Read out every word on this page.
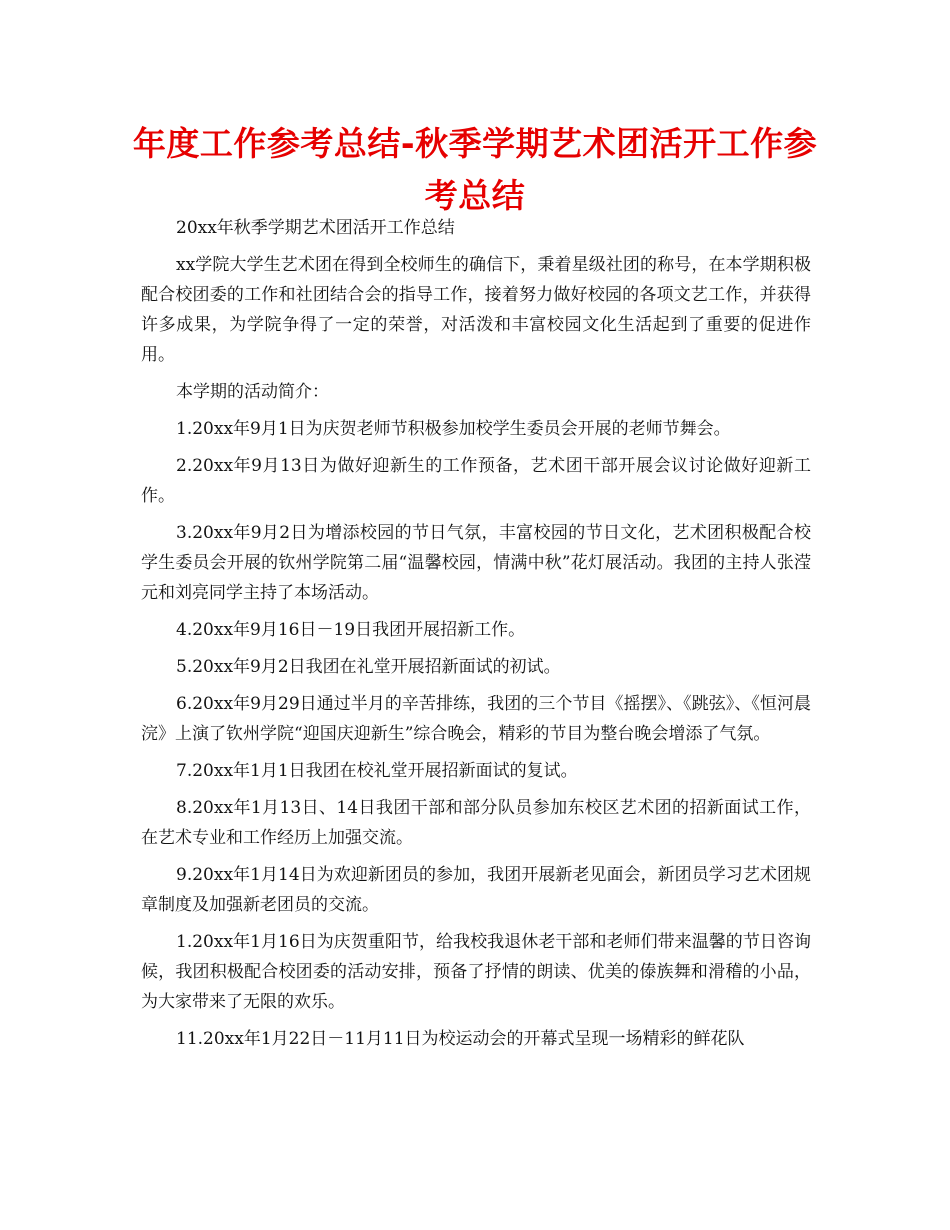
年度工作参考总结-秋季学期艺术团活开工作参考总结

20xx年秋季学期艺术团活开工作总结

xx学院大学生艺术团在得到全校师生的确信下，秉着星级社团的称号，在本学期积极配合校团委的工作和社团结合会的指导工作，接着努力做好校园的各项文艺工作，并获得许多成果，为学院争得了一定的荣誉，对活泼和丰富校园文化生活起到了重要的促进作用。

本学期的活动简介：

1.20xx年9月1日为庆贺老师节积极参加校学生委员会开展的老师节舞会。

2.20xx年9月13日为做好迎新生的工作预备，艺术团干部开展会议讨论做好迎新工作。

3.20xx年9月2日为增添校园的节日气氛，丰富校园的节日文化，艺术团积极配合校学生委员会开展的钦州学院第二届“温馨校园，情满中秋”花灯展活动。我团的主持人张滢元和刘亮同学主持了本场活动。

4.20xx年9月16日－19日我团开展招新工作。

5.20xx年9月2日我团在礼堂开展招新面试的初试。

6.20xx年9月29日通过半月的辛苦排练，我团的三个节目《摇摆》、《跳弦》、《恒河晨浣》上演了钦州学院“迎国庆迎新生”综合晚会，精彩的节目为整台晚会增添了气氛。

7.20xx年1月1日我团在校礼堂开展招新面试的复试。

8.20xx年1月13日、14日我团干部和部分队员参加东校区艺术团的招新面试工作，在艺术专业和工作经历上加强交流。

9.20xx年1月14日为欢迎新团员的参加，我团开展新老见面会，新团员学习艺术团规章制度及加强新老团员的交流。

1.20xx年1月16日为庆贺重阳节，给我校我退休老干部和老师们带来温馨的节日咨询候，我团积极配合校团委的活动安排，预备了抒情的朗读、优美的傣族舞和滑稽的小品，为大家带来了无限的欢乐。

11.20xx年1月22日－11月11日为校运动会的开幕式呈现一场精彩的鲜花队
